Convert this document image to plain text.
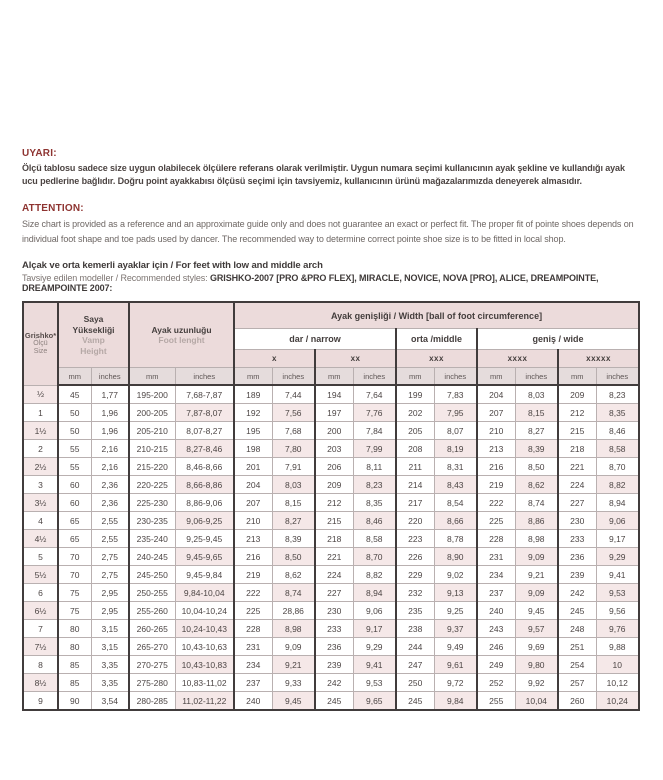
UYARI:

Ölçü tablosu sadece size uygun olabilecek ölçülere referans olarak verilmiştir. Uygun numara seçimi kullanıcının ayak şekline ve kullandığı ayak ucu pedlerine bağlıdır. Doğru point ayakkabısı ölçüsü seçimi için tavsiyemiz, kullanıcının ürünü mağazalarımızda deneyerek almasıdır.

ATTENTION:

Size chart is provided as a reference and an approximate guide only and does not guarantee an exact or perfect fit. The proper fit of pointe shoes depends on individual foot shape and toe pads used by dancer. The recommended way to determine correct pointe shoe size is to be fitted in local shop.

Alçak ve orta kemerli ayaklar için / For feet with low and middle arch
Tavsiye edilen modeller / Recommended styles: GRISHKO-2007 [PRO &PRO FLEX], MIRACLE, NOVICE, NOVA [PRO], ALICE, DREAMPOINTE, DREAMPOINTE 2007:
Grishko*
Ölçü
Size	Saya
Yüksekliği
Vamp
Height		Ayak uzunluğu
Foot lenght		Ayak genişliği / Width [ball of foot circumference]									
					dar / narrow				orta /middle		geniş / wide			
					x		xx		xxx		xxxx		xxxxx	
	mm	inches	mm	inches	mm	inches	mm	inches	mm	inches	mm	inches	mm	inches
½	45	1,77	195-200	7,68-7,87	189	7,44	194	7,64	199	7,83	204	8,03	209	8,23
1	50	1,96	200-205	7,87-8,07	192	7,56	197	7,76	202	7,95	207	8,15	212	8,35
1½	50	1,96	205-210	8,07-8,27	195	7,68	200	7,84	205	8,07	210	8,27	215	8,46
2	55	2,16	210-215	8,27-8,46	198	7,80	203	7,99	208	8,19	213	8,39	218	8,58
2½	55	2,16	215-220	8,46-8,66	201	7,91	206	8,11	211	8,31	216	8,50	221	8,70
3	60	2,36	220-225	8,66-8,86	204	8,03	209	8,23	214	8,43	219	8,62	224	8,82
3½	60	2,36	225-230	8,86-9,06	207	8,15	212	8,35	217	8,54	222	8,74	227	8,94
4	65	2,55	230-235	9,06-9,25	210	8,27	215	8,46	220	8,66	225	8,86	230	9,06
4½	65	2,55	235-240	9,25-9,45	213	8,39	218	8,58	223	8,78	228	8,98	233	9,17
5	70	2,75	240-245	9,45-9,65	216	8,50	221	8,70	226	8,90	231	9,09	236	9,29
5½	70	2,75	245-250	9,45-9,84	219	8,62	224	8,82	229	9,02	234	9,21	239	9,41
6	75	2,95	250-255	9,84-10,04	222	8,74	227	8,94	232	9,13	237	9,09	242	9,53
6½	75	2,95	255-260	10,04-10,24	225	28,86	230	9,06	235	9,25	240	9,45	245	9,56
7	80	3,15	260-265	10,24-10,43	228	8,98	233	9,17	238	9,37	243	9,57	248	9,76
7½	80	3,15	265-270	10,43-10,63	231	9,09	236	9,29	244	9,49	246	9,69	251	9,88
8	85	3,35	270-275	10,43-10,83	234	9,21	239	9,41	247	9,61	249	9,80	254	10
8½	85	3,35	275-280	10,83-11,02	237	9,33	242	9,53	250	9,72	252	9,92	257	10,12
9	90	3,54	280-285	11,02-11,22	240	9,45	245	9,65	245	9,84	255	10,04	260	10,24
